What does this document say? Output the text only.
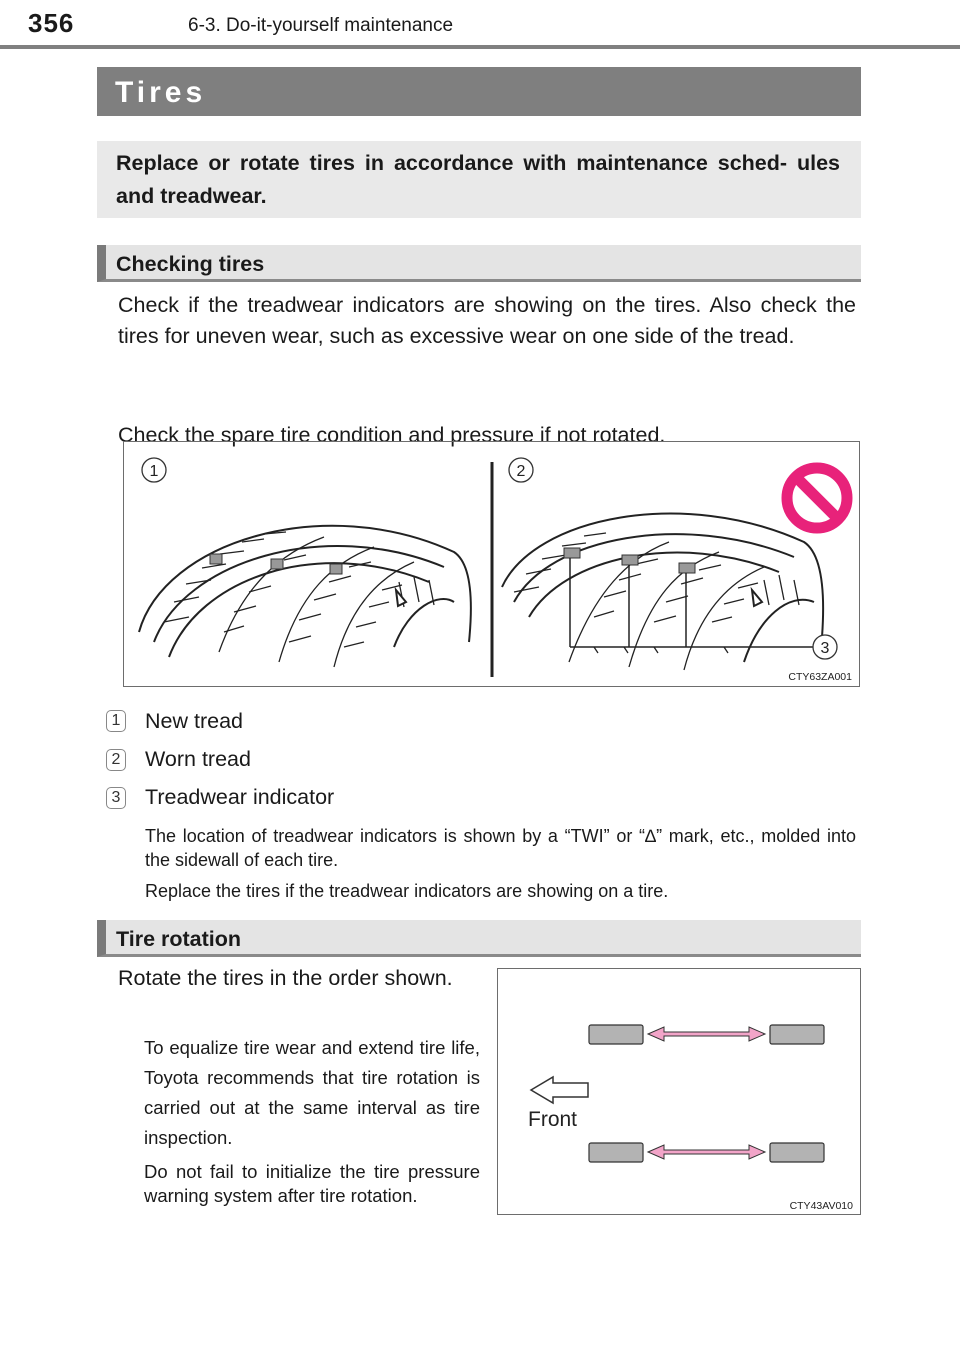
356	6-3. Do-it-yourself maintenance
Tires
Replace or rotate tires in accordance with maintenance sched- ules and treadwear.
Checking tires
Check if the treadwear indicators are showing on the tires. Also check the tires for uneven wear, such as excessive wear on one side of the tread.
Check the spare tire condition and pressure if not rotated.
1	2
3
CTY63ZA001
1 New tread
2 Worn tread
3 Treadwear indicator
The location of treadwear indicators is shown by a “TWI” or “∆” mark, etc., molded into the sidewall of each tire.
Replace the tires if the treadwear indicators are showing on a tire.
Tire rotation
Rotate the tires in the order shown.
To equalize tire wear and extend tire life, Toyota recommends that tire rotation is carried out at the same interval as tire inspection.
Do not fail to initialize the tire pressure warning system after tire rotation.
Front
CTY43AV010
